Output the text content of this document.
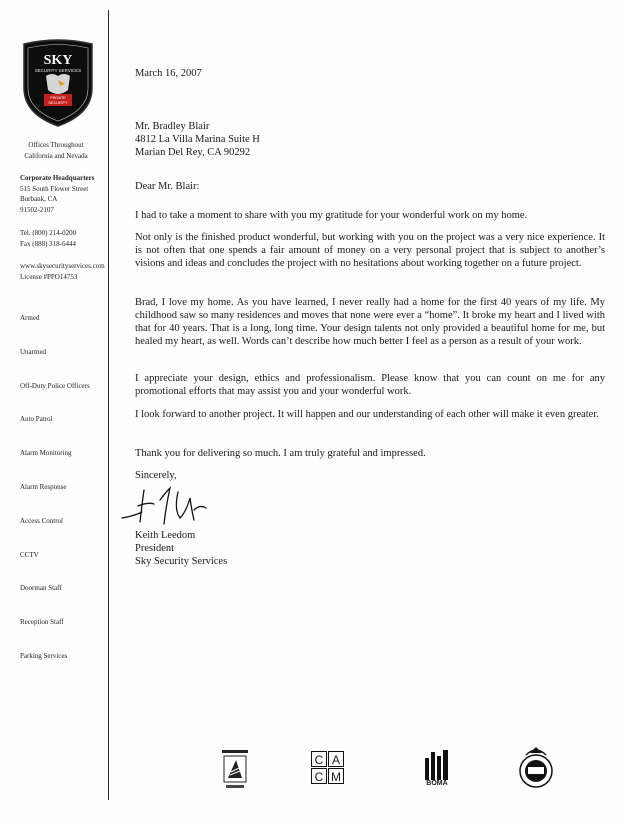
SKY
SECURITY SERVICES
PRIVATE
SECURITY
Offices Throughout
California and Nevada
Corporate Headquarters
515 South Flower Street
Burbank, CA
91502-2107
Tel. (800) 214-0200
Fax (888) 318-6444
www.skysecurityservices.com
License #PPO14753
Armed
Unarmed
Off-Duty Police Officers
Auto Patrol
Alarm Monitoring
Alarm Response
Access Control
CCTV
Doorman Staff
Reception Staff
Parking Services
March 16, 2007
Mr. Bradley Blair
4812 La Villa Marina Suite H
Marian Del Rey, CA 90292
Dear Mr. Blair:

I had to take a moment to share with you my gratitude for your wonderful work on my home.

Not only is the finished product wonderful, but working with you on the project was a very nice experience. It is not often that one spends a fair amount of money on a very personal project that is subject to another’s visions and ideas and concludes the project with no hesitations about working together on a future project.

Brad, I love my home. As you have learned, I never really had a home for the first 40 years of my life. My childhood saw so many residences and moves that none were ever a “home”. It broke my heart and I lived with that for 40 years. That is a long, long time. Your design talents not only provided a beautiful home for me, but healed my heart, as well. Words can’t describe how much better I feel as a person as a result of your work.

I appreciate your design, ethics and professionalism. Please know that you can count on me for any promotional efforts that may assist you and your wonderful work.

I look forward to another project. It will happen and our understanding of each other will make it even greater.

Thank you for delivering so much. I am truly grateful and impressed.

Sincerely,
Keith Leedom
President
Sky Security Services
C A
C M	BOMA
